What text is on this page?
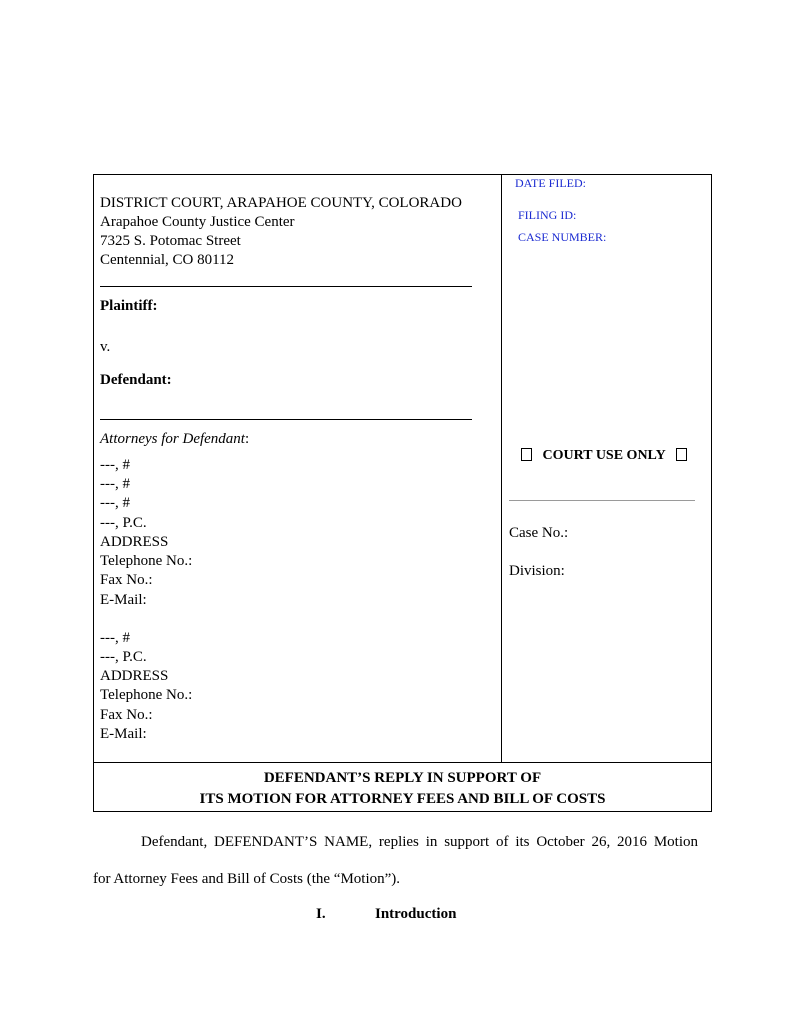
DISTRICT COURT, ARAPAHOE COUNTY, COLORADO
Arapahoe County Justice Center
7325 S. Potomac Street
Centennial, CO 80112
Plaintiff:
v.
Defendant:
Attorneys for Defendant:
---, #
---, #
---, #
---, P.C.
ADDRESS
Telephone No.:
Fax No.:
E-Mail:
---, #
---, P.C.
ADDRESS
Telephone No.:
Fax No.:
E-Mail:
DATE FILED:
FILING ID:
CASE NUMBER:
COURT USE ONLY
Case No.:
Division:
DEFENDANT’S REPLY IN SUPPORT OF
ITS MOTION FOR ATTORNEY FEES AND BILL OF COSTS
Defendant, DEFENDANT’S NAME, replies in support of its October 26, 2016 Motion
for Attorney Fees and Bill of Costs (the “Motion”).
I.	Introduction
